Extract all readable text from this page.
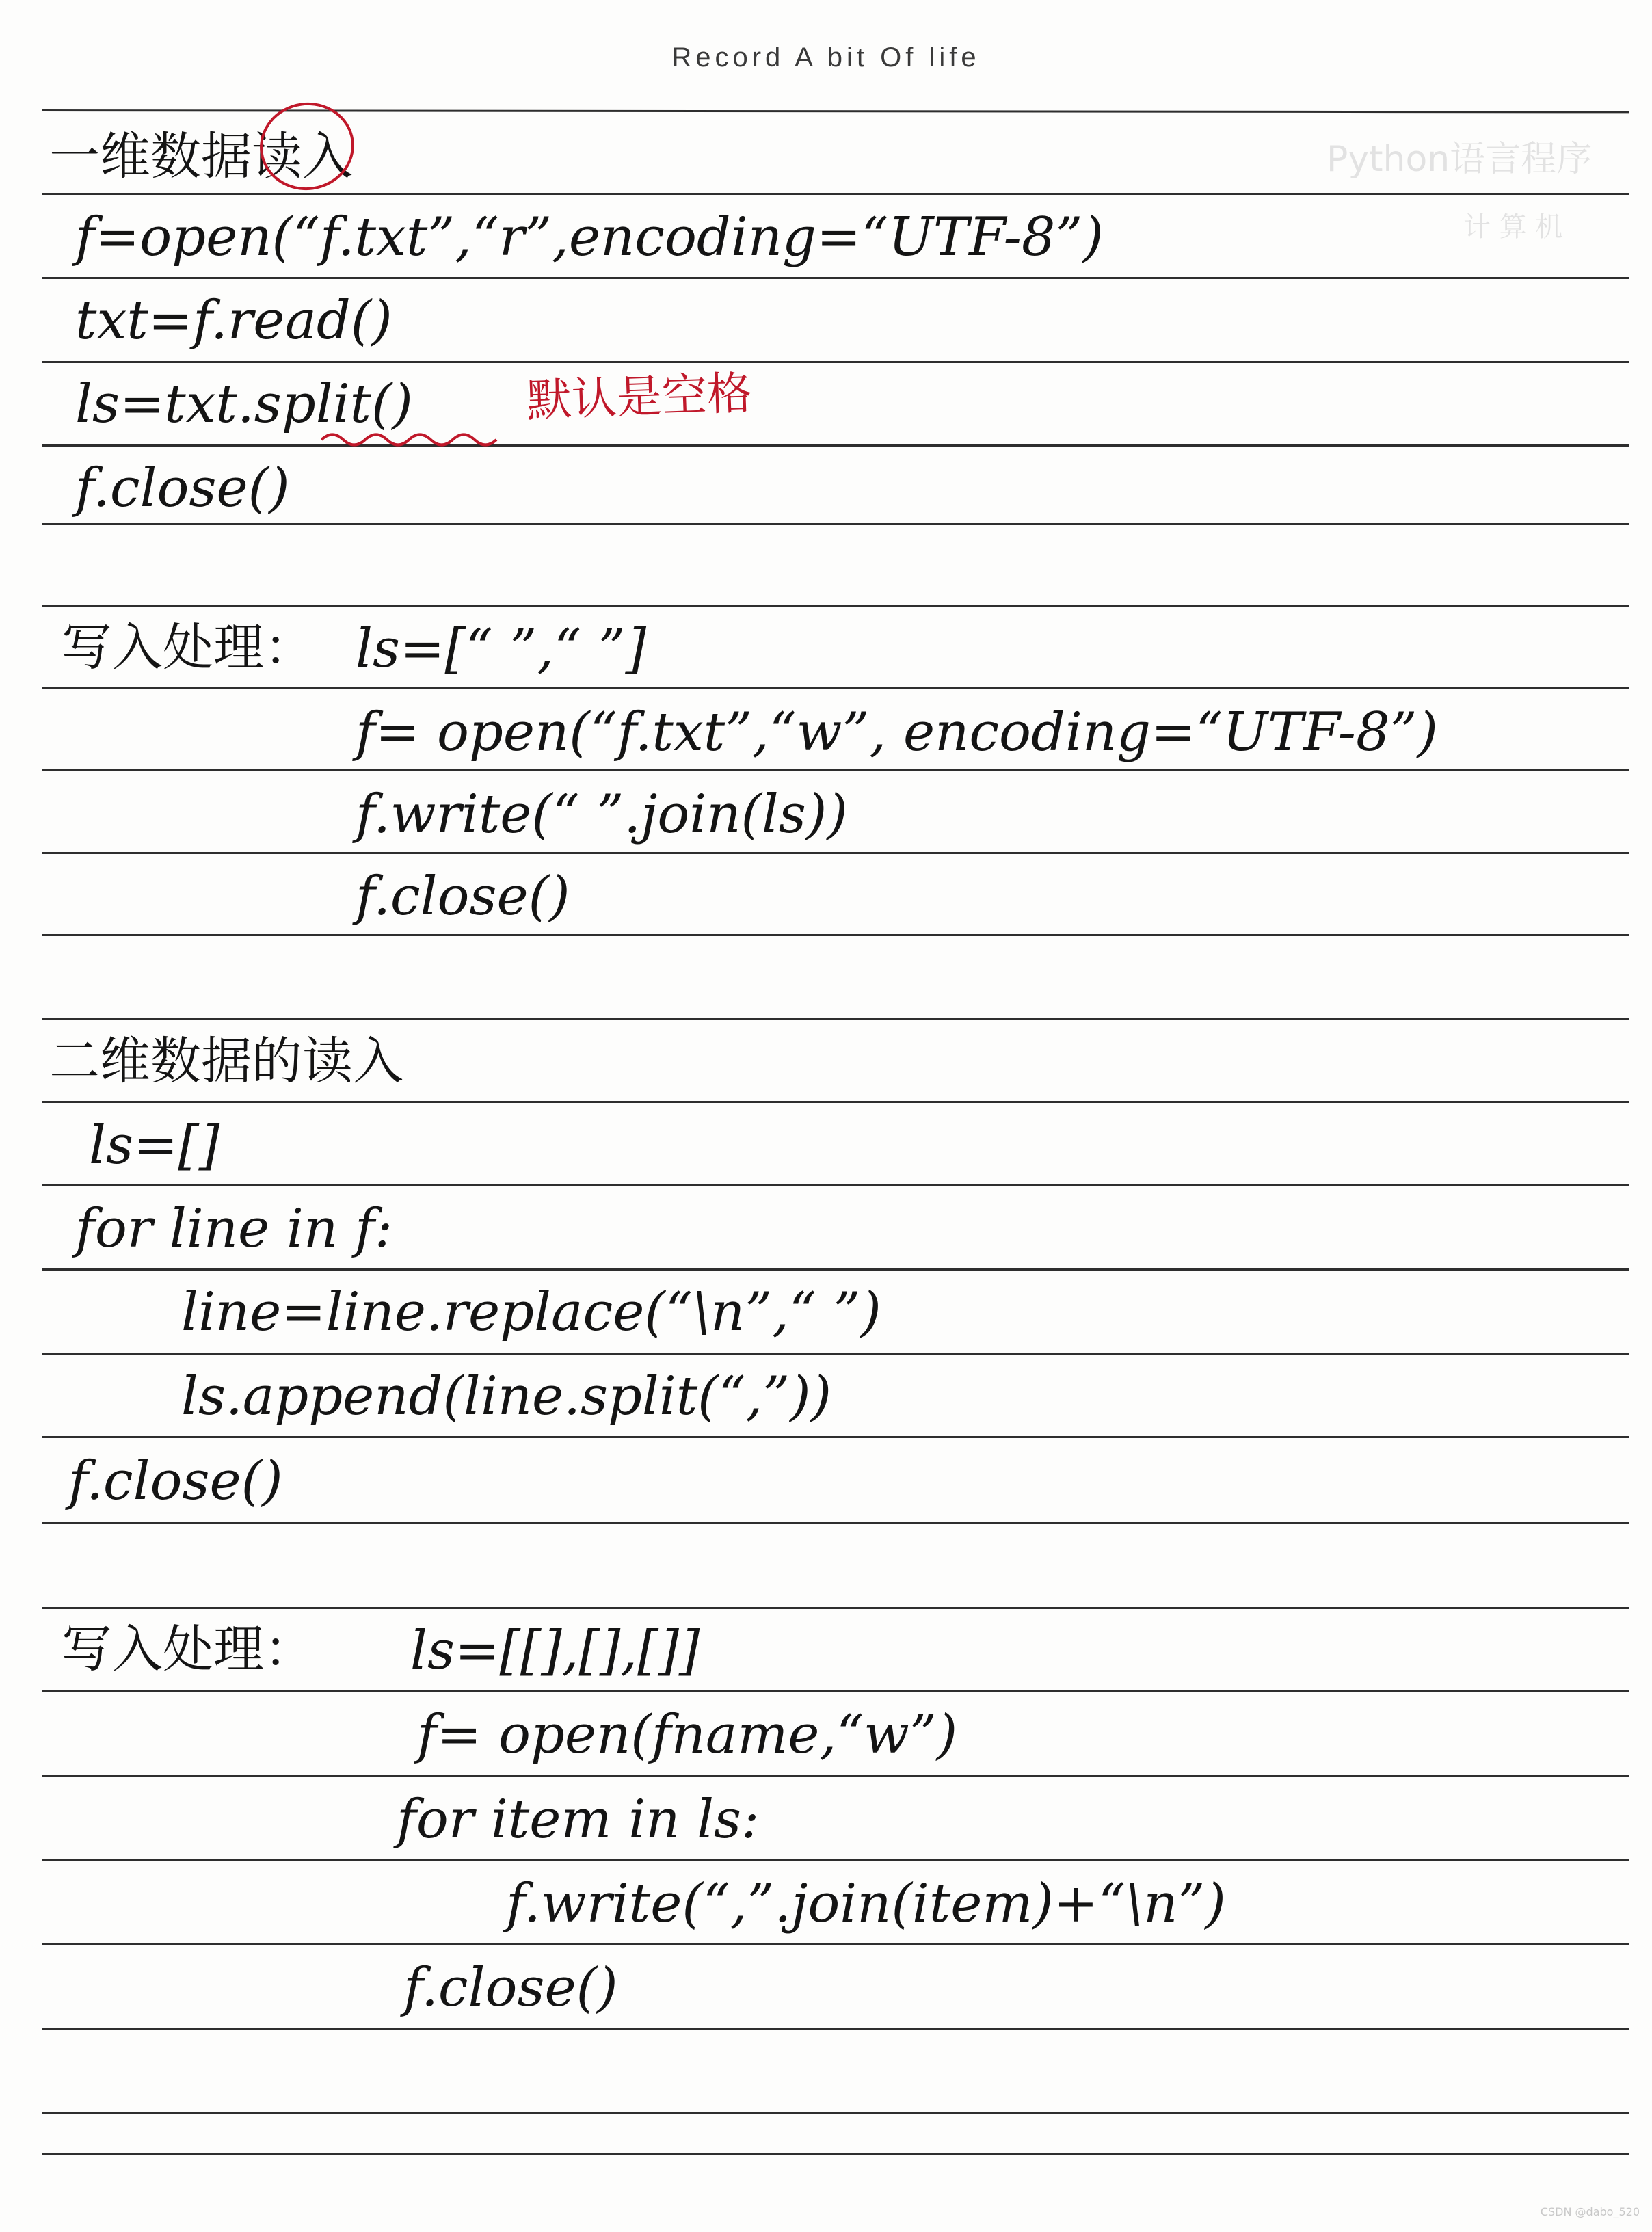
Record A bit Of life
Python语言程序
计 算 机
一维数据读入
f=open(“f.txt”,“r”,encoding=“UTF-8”)
txt=f.read()
ls=txt.split() 默认是空格
f.close()
写入处理： ls=[“ ”,“ ”]
f= open(“f.txt”,“w”, encoding=“UTF-8”)
f.write(“ ”.join(ls))
f.close()
二维数据的读入
ls=[]
for line in f:
line=line.replace(“\n”,“ ”)
ls.append(line.split(“,”))
f.close()
写入处理： ls=[[],[],[]]
f= open(fname,“w”)
for item in ls:
f.write(“,”.join(item)+“\n”)
f.close()
CSDN @dabo_520
